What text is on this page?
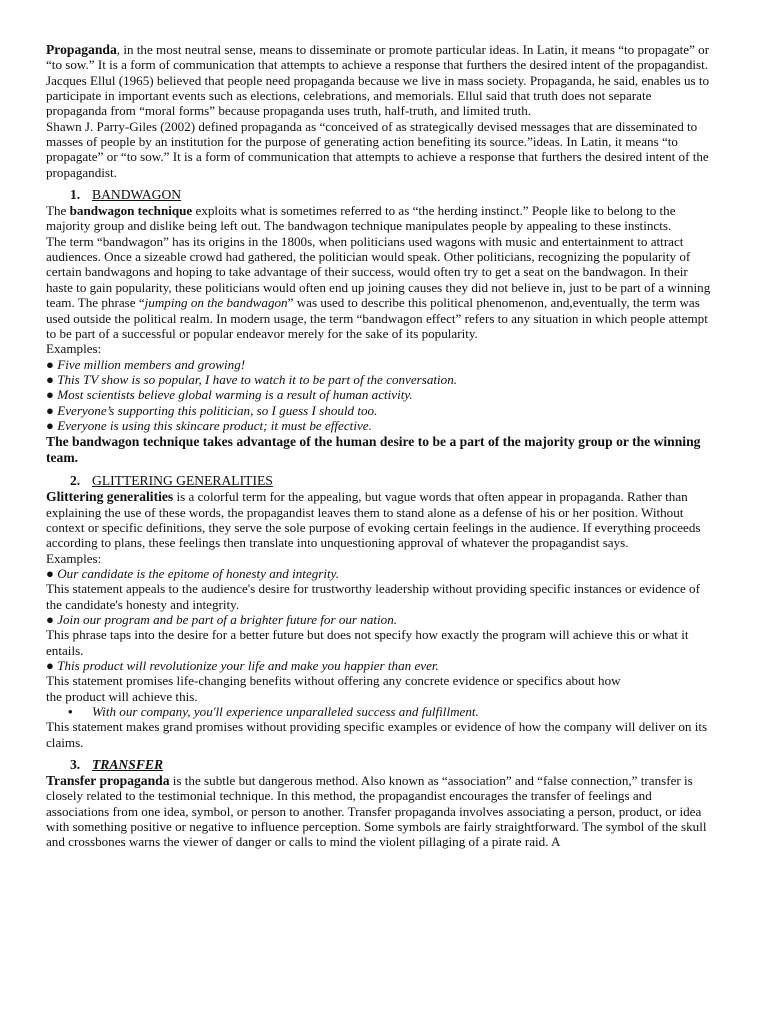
Propaganda, in the most neutral sense, means to disseminate or promote particular ideas. In Latin, it means “to propagate” or “to sow.” It is a form of communication that attempts to achieve a response that furthers the desired intent of the propagandist.

Jacques Ellul (1965) believed that people need propaganda because we live in mass society. Propaganda, he said, enables us to participate in important events such as elections, celebrations, and memorials. Ellul said that truth does not separate

propaganda from “moral forms” because propaganda uses truth, half-truth, and limited truth.

Shawn J. Parry-Giles (2002) defined propaganda as “conceived of as strategically devised messages that are disseminated to masses of people by an institution for the purpose of generating action benefiting its source.”ideas. In Latin, it means “to propagate” or “to sow.” It is a form of communication that attempts to achieve a response that furthers the desired intent of the propagandist.

1. BANDWAGON

The bandwagon technique exploits what is sometimes referred to as “the herding instinct.” People like to belong to the majority group and dislike being left out. The bandwagon technique manipulates people by appealing to these instincts.

The term “bandwagon” has its origins in the 1800s, when politicians used wagons with music and entertainment to attract audiences. Once a sizeable crowd had gathered, the politician would speak. Other politicians, recognizing the popularity of certain bandwagons and hoping to take advantage of their success, would often try to get a seat on the bandwagon. In their haste to gain popularity, these politicians would often end up joining causes they did not believe in, just to be part of a winning team. The phrase “jumping on the bandwagon” was used to describe this political phenomenon, and,eventually, the term was used outside the political realm. In modern usage, the term “bandwagon effect” refers to any situation in which people attempt to be part of a successful or popular endeavor merely for the sake of its popularity.

Examples:

● Five million members and growing!

● This TV show is so popular, I have to watch it to be part of the conversation.

● Most scientists believe global warming is a result of human activity.

● Everyone’s supporting this politician, so I guess I should too.

● Everyone is using this skincare product; it must be effective.

The bandwagon technique takes advantage of the human desire to be a part of the majority group or the winning team.

2. GLITTERING GENERALITIES

Glittering generalities is a colorful term for the appealing, but vague words that often appear in propaganda. Rather than explaining the use of these words, the propagandist leaves them to stand alone as a defense of his or her position. Without

context or specific definitions, they serve the sole purpose of evoking certain feelings in the audience. If everything proceeds according to plans, these feelings then translate into unquestioning approval of whatever the propagandist says.

Examples:

● Our candidate is the epitome of honesty and integrity.

This statement appeals to the audience's desire for trustworthy leadership without providing specific instances or evidence of the candidate's honesty and integrity.

● Join our program and be part of a brighter future for our nation.

This phrase taps into the desire for a better future but does not specify how exactly the program will achieve this or what it entails.

● This product will revolutionize your life and make you happier than ever.

This statement promises life-changing benefits without offering any concrete evidence or specifics about how

the product will achieve this.

• With our company, you'll experience unparalleled success and fulfillment.

This statement makes grand promises without providing specific examples or evidence of how the company will deliver on its claims.

3. TRANSFER

Transfer propaganda is the subtle but dangerous method. Also known as “association” and “false connection,” transfer is closely related to the testimonial technique. In this method, the propagandist encourages the transfer of feelings and

associations from one idea, symbol, or person to another. Transfer propaganda involves associating a person, product, or idea with something positive or negative to influence perception. Some symbols are fairly straightforward. The symbol of the skull and crossbones warns the viewer of danger or calls to mind the violent pillaging of a pirate raid. A
